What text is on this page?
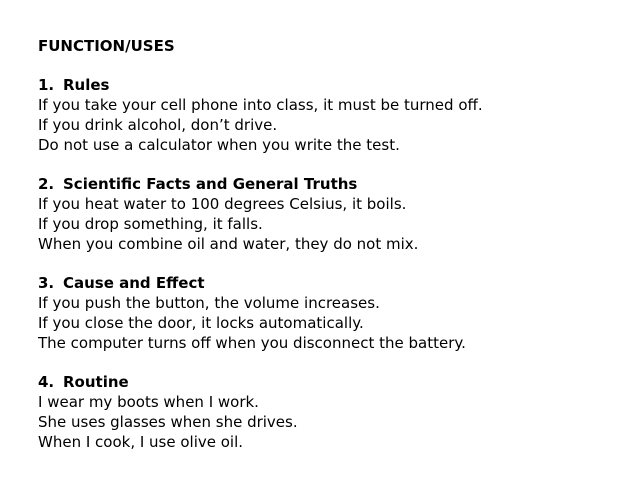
FUNCTION/USES
1. Rules
If you take your cell phone into class, it must be turned off.
If you drink alcohol, don’t drive.
Do not use a calculator when you write the test.
2. Scientific Facts and General Truths
If you heat water to 100 degrees Celsius, it boils.
If you drop something, it falls.
When you combine oil and water, they do not mix.
3. Cause and Effect
If you push the button, the volume increases.
If you close the door, it locks automatically.
The computer turns off when you disconnect the battery.
4. Routine
I wear my boots when I work.
She uses glasses when she drives.
When I cook, I use olive oil.
